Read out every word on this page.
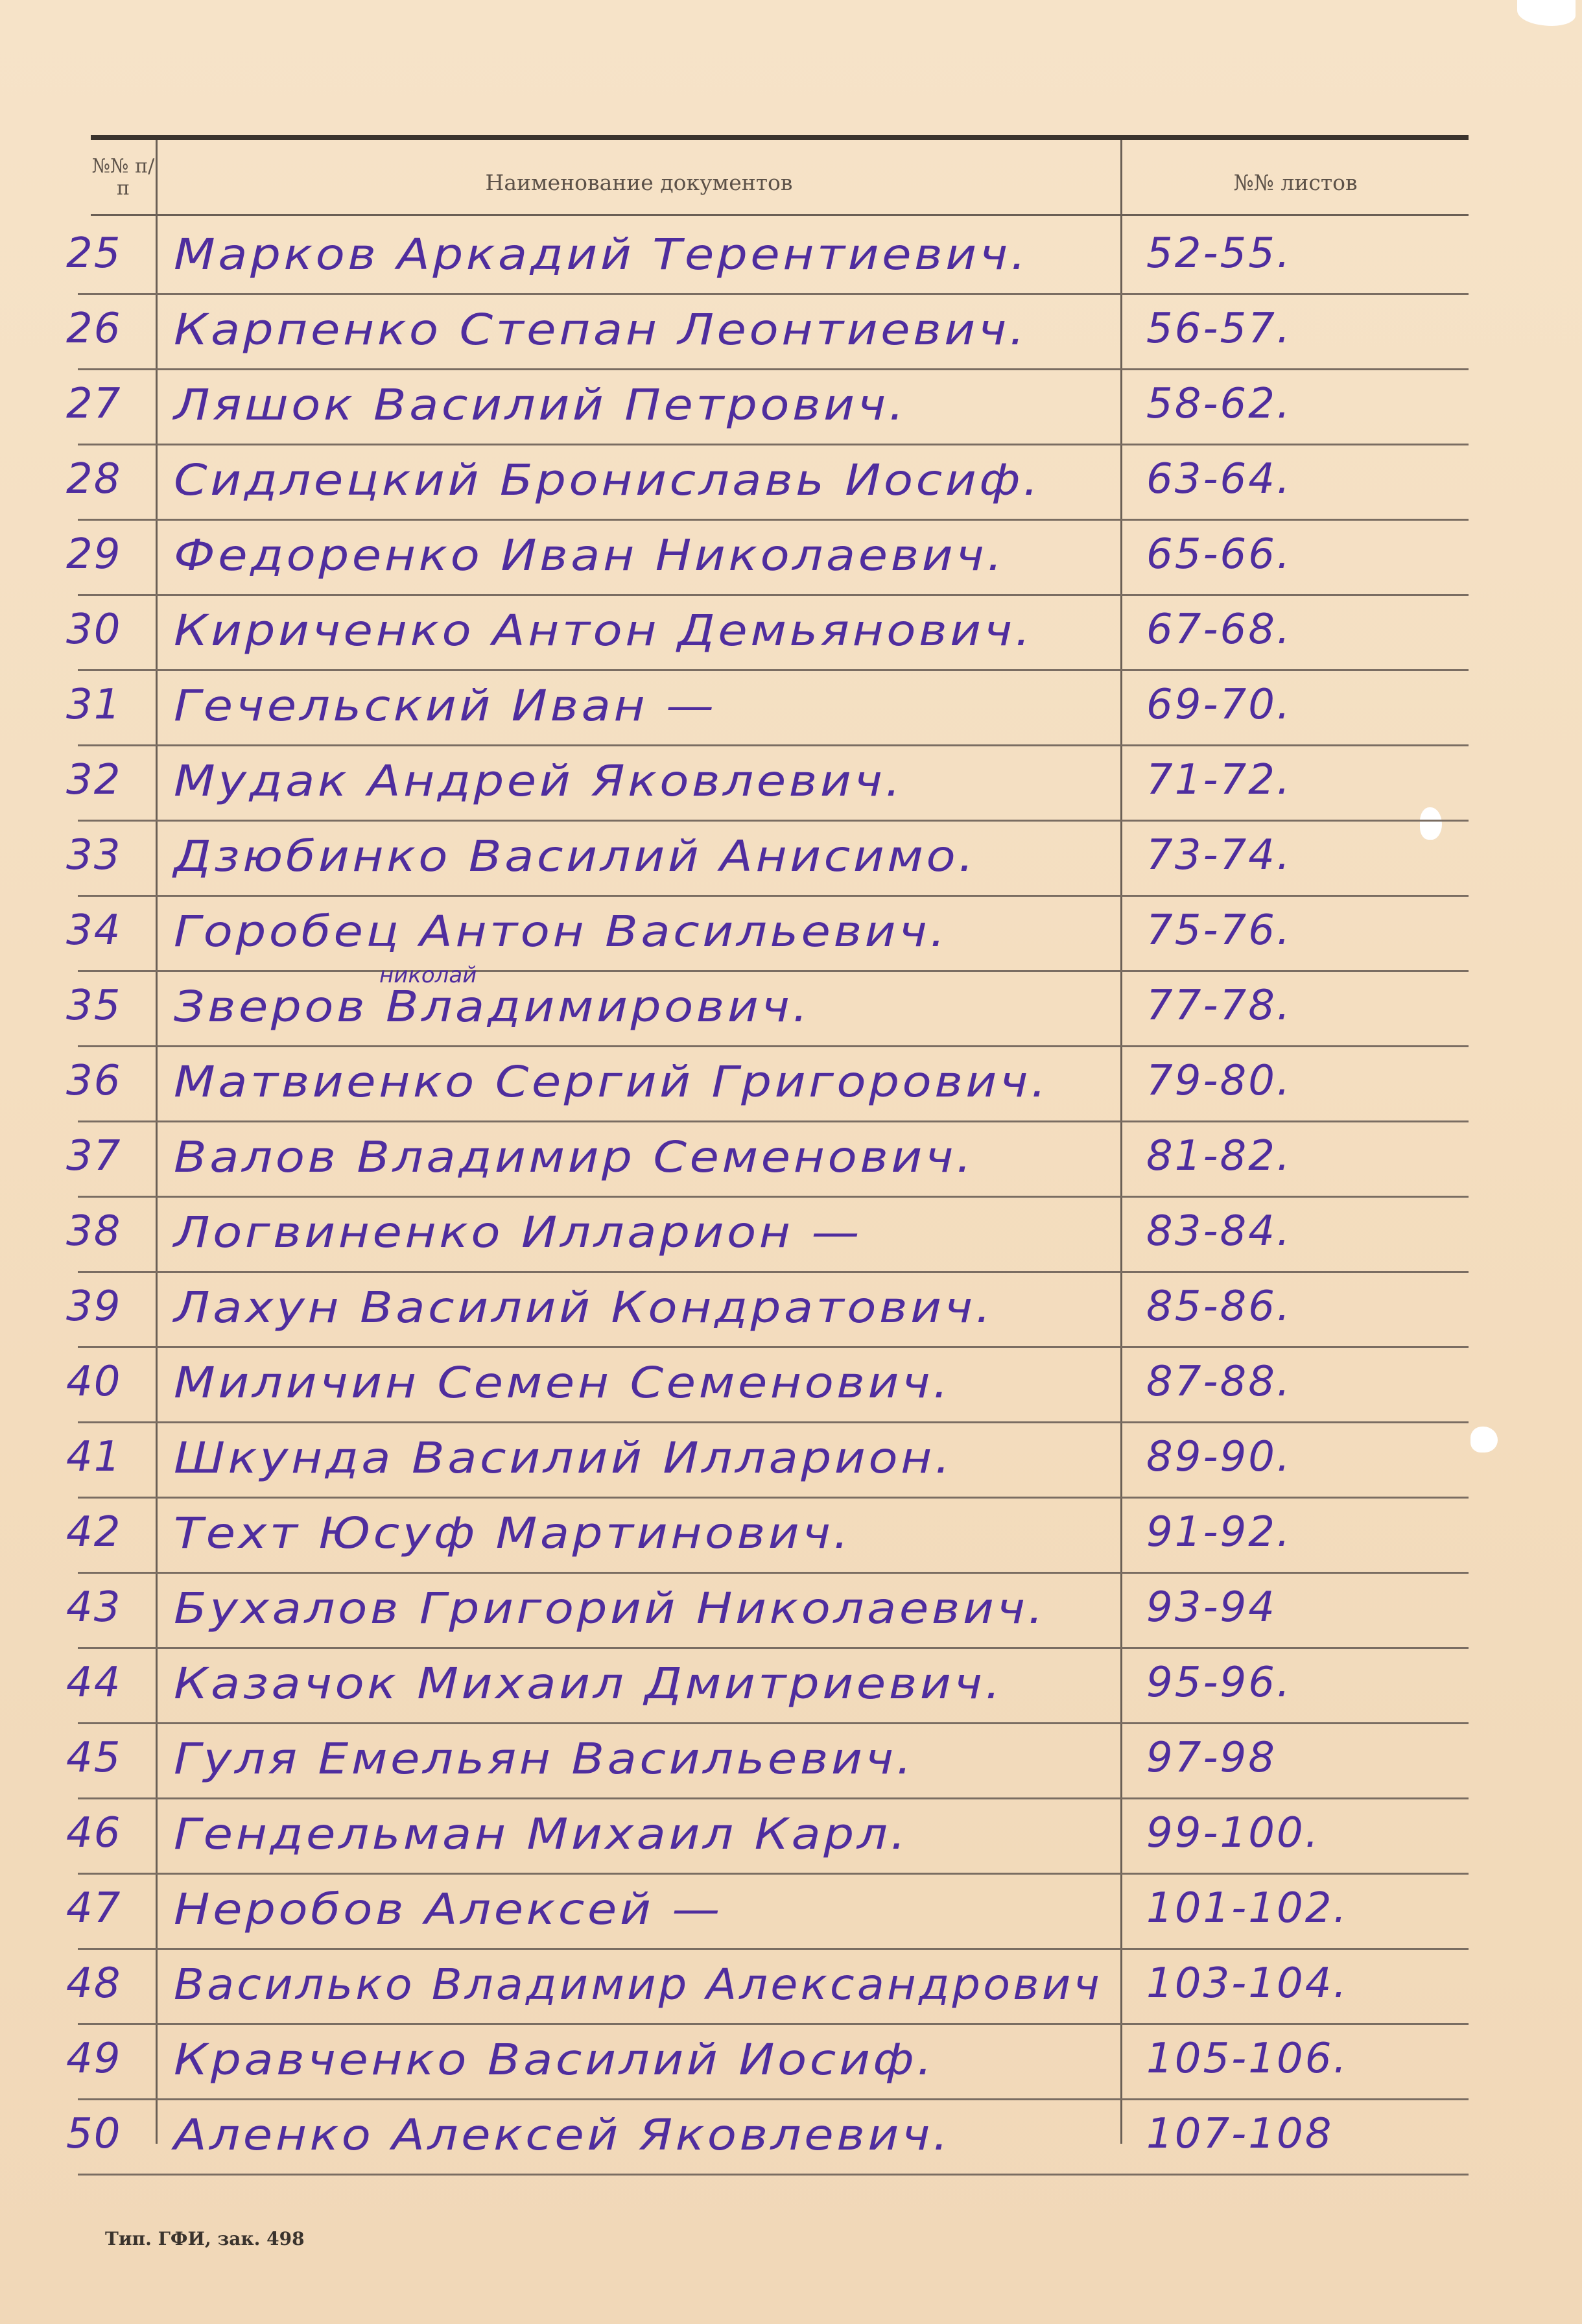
№№ п/п	Наименование документов	№№ листов
25 Марков Аркадий Терентиевич.	52-55.
26 Карпенко Степан Леонтиевич.	56-57.
27 Ляшок Василий Петрович.	58-62.
28 Сидлецкий Брониславь Иосиф.	63-64.
29 Федоренко Иван Николаевич.	65-66.
30 Кириченко Антон Демьянович.	67-68.
31 Гечельский Иван —	69-70.
32 Мудак Андрей Яковлевич.	71-72.
33 Дзюбинко Василий Анисимо.	73-74.
34 Горобец Антон Васильевич.	75-76.
35 Зверов Владимирович.	77-78.
36 Матвиенко Сергий Григорович. 79-80.
37 Валов Владимир Семенович.	81-82.
38 Логвиненко Илларион —	83-84.
39 Лахун Василий Кондратович.	85-86.
40 Миличин Семен Семенович.	87-88.
41 Шкунда Василий Илларион.	89-90.
42 Техт Юсуф Мартинович.	91-92.
43 Бухалов Григорий Николаевич. 93-94
44 Казачок Михаил Дмитриевич.	95-96.
45 Гуля Емельян Васильевич.	97-98
46 Гендельман Михаил Карл.	99-100.
47 Неробов Алексей —	101-102.
48 Василько Владимир Александрович 103-104.
49 Кравченко Василий Иосиф.	105-106.
50 Аленко Алексей Яковлевич.	107-108
николай
Тип. ГФИ, зак. 498
